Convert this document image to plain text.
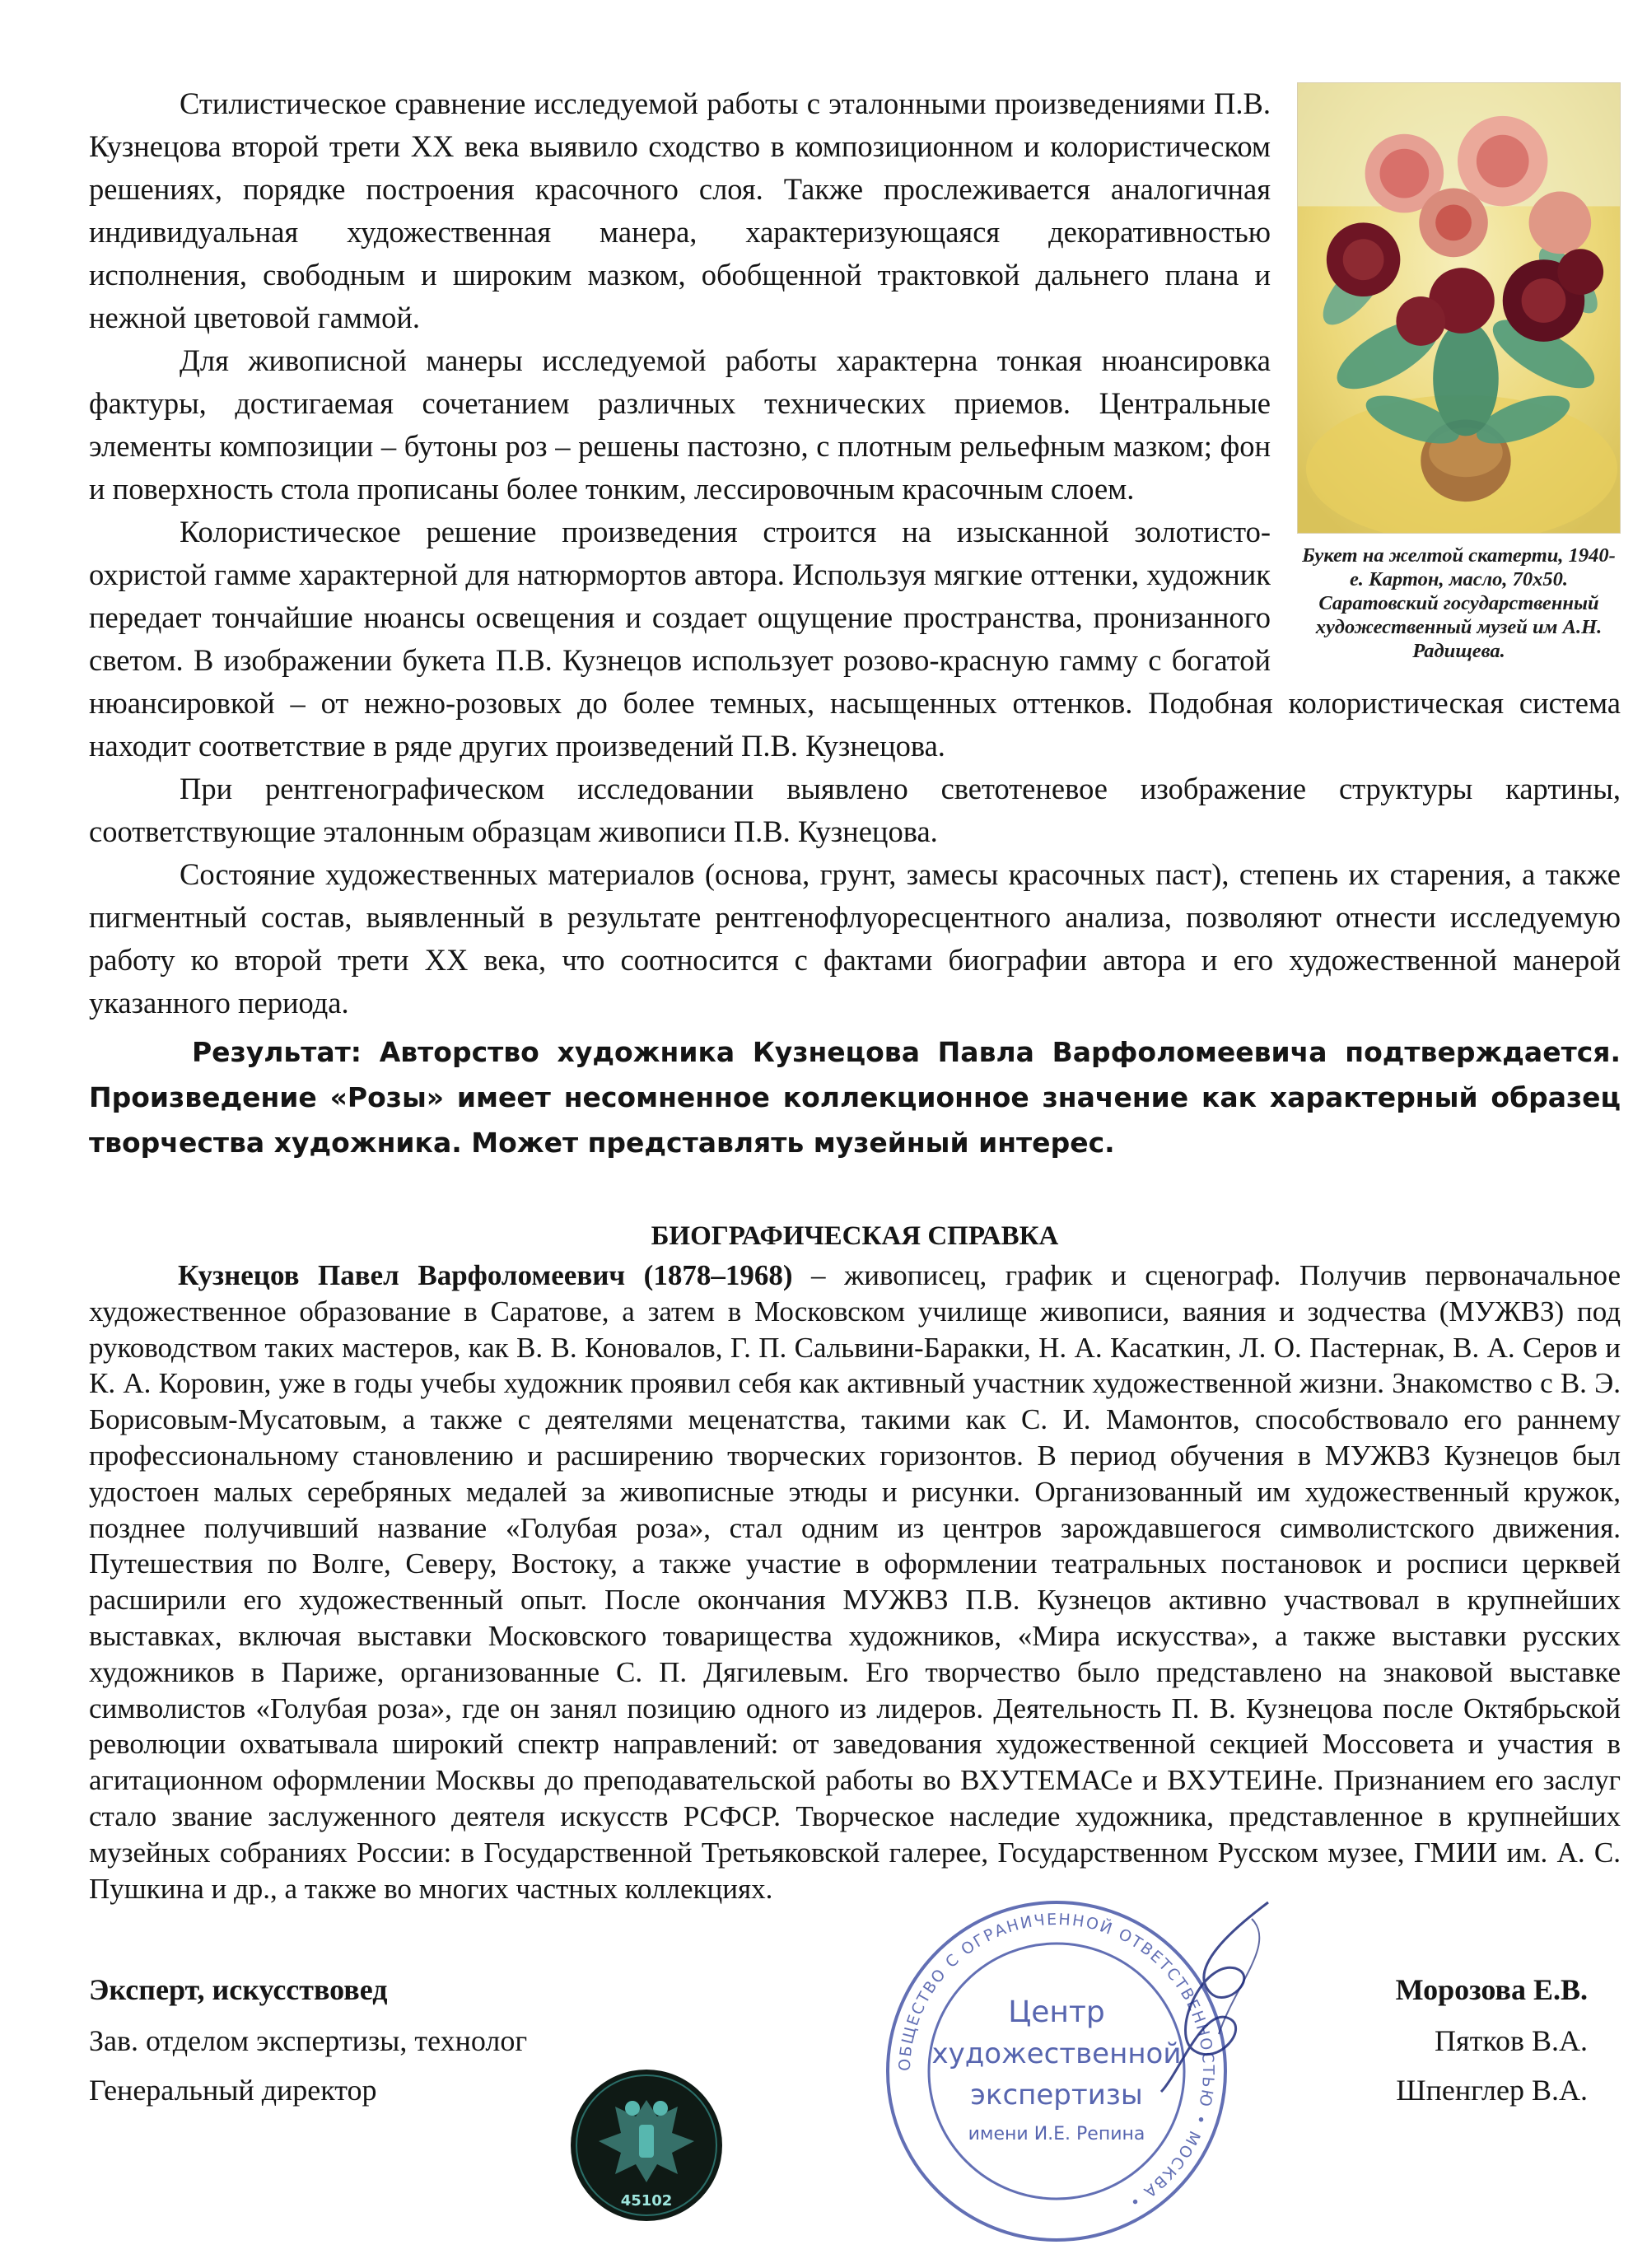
Букет на желтой скатерти, 1940-е. Картон, масло, 70х50. Саратовский государственный художественный музей им А.Н. Радищева.

Стилистическое сравнение исследуемой работы с эталонными произведениями П.В. Кузнецова второй трети XX века выявило сходство в композиционном и колористическом решениях, порядке построения красочного слоя. Также прослеживается аналогичная индивидуальная художественная манера, характеризующаяся декоративностью исполнения, свободным и широким мазком, обобщенной трактовкой дальнего плана и нежной цветовой гаммой.

Для живописной манеры исследуемой работы характерна тонкая нюансировка фактуры, достигаемая сочетанием различных технических приемов. Центральные элементы композиции – бутоны роз – решены пастозно, с плотным рельефным мазком; фон и поверхность стола прописаны более тонким, лессировочным красочным слоем.

Колористическое решение произведения строится на изысканной золотисто-охристой гамме характерной для натюрмортов автора. Используя мягкие оттенки, художник передает тончайшие нюансы освещения и создает ощущение пространства, пронизанного светом. В изображении букета П.В. Кузнецов использует розово-красную гамму с богатой нюансировкой – от нежно-розовых до более темных, насыщенных оттенков. Подобная колористическая система находит соответствие в ряде других произведений П.В. Кузнецова.

При рентгенографическом исследовании выявлено светотеневое изображение структуры картины, соответствующие эталонным образцам живописи П.В. Кузнецова.

Состояние художественных материалов (основа, грунт, замесы красочных паст), степень их старения, а также пигментный состав, выявленный в результате рентгенофлуоресцентного анализа, позволяют отнести исследуемую работу ко второй трети XX века, что соотносится с фактами биографии автора и его художественной манерой указанного периода.

Результат: Авторство художника Кузнецова Павла Варфоломеевича подтверждается. Произведение «Розы» имеет несомненное коллекционное значение как характерный образец творчества художника. Может представлять музейный интерес.
БИОГРАФИЧЕСКАЯ СПРАВКА
Кузнецов Павел Варфоломеевич (1878–1968) – живописец, график и сценограф. Получив первоначальное художественное образование в Саратове, а затем в Московском училище живописи, ваяния и зодчества (МУЖВЗ) под руководством таких мастеров, как В. В. Коновалов, Г. П. Сальвини-Баракки, Н. А. Касаткин, Л. О. Пастернак, В. А. Серов и К. А. Коровин, уже в годы учебы художник проявил себя как активный участник художественной жизни. Знакомство с В. Э. Борисовым-Мусатовым, а также с деятелями меценатства, такими как С. И. Мамонтов, способствовало его раннему профессиональному становлению и расширению творческих горизонтов. В период обучения в МУЖВЗ Кузнецов был удостоен малых серебряных медалей за живописные этюды и рисунки. Организованный им художественный кружок, позднее получивший название «Голубая роза», стал одним из центров зарождавшегося символистского движения. Путешествия по Волге, Северу, Востоку, а также участие в оформлении театральных постановок и росписи церквей расширили его художественный опыт. После окончания МУЖВЗ П.В. Кузнецов активно участвовал в крупнейших выставках, включая выставки Московского товарищества художников, «Мира искусства», а также выставки русских художников в Париже, организованные С. П. Дягилевым. Его творчество было представлено на знаковой выставке символистов «Голубая роза», где он занял позицию одного из лидеров. Деятельность П. В. Кузнецова после Октябрьской революции охватывала широкий спектр направлений: от заведования художественной секцией Моссовета и участия в агитационном оформлении Москвы до преподавательской работы во ВХУТЕМАСе и ВХУТЕИНе. Признанием его заслуг стало звание заслуженного деятеля искусств РСФСР. Творческое наследие художника, представленное в крупнейших музейных собраниях России: в Государственной Третьяковской галерее, Государственном Русском музее, ГМИИ им. А. С. Пушкина и др., а также во многих частных коллекциях.
Эксперт, искусствовед	Морозова Е.В.
Зав. отделом экспертизы, технолог	Пятков В.А.
Генеральный директор	Шпенглер В.А.
45102
ОБЩЕСТВО С ОГРАНИЧЕННОЙ ОТВЕТСТВЕННОСТЬЮ • МОСКВА •
Центр
художественной
экспертизы
имени И.Е. Репина
